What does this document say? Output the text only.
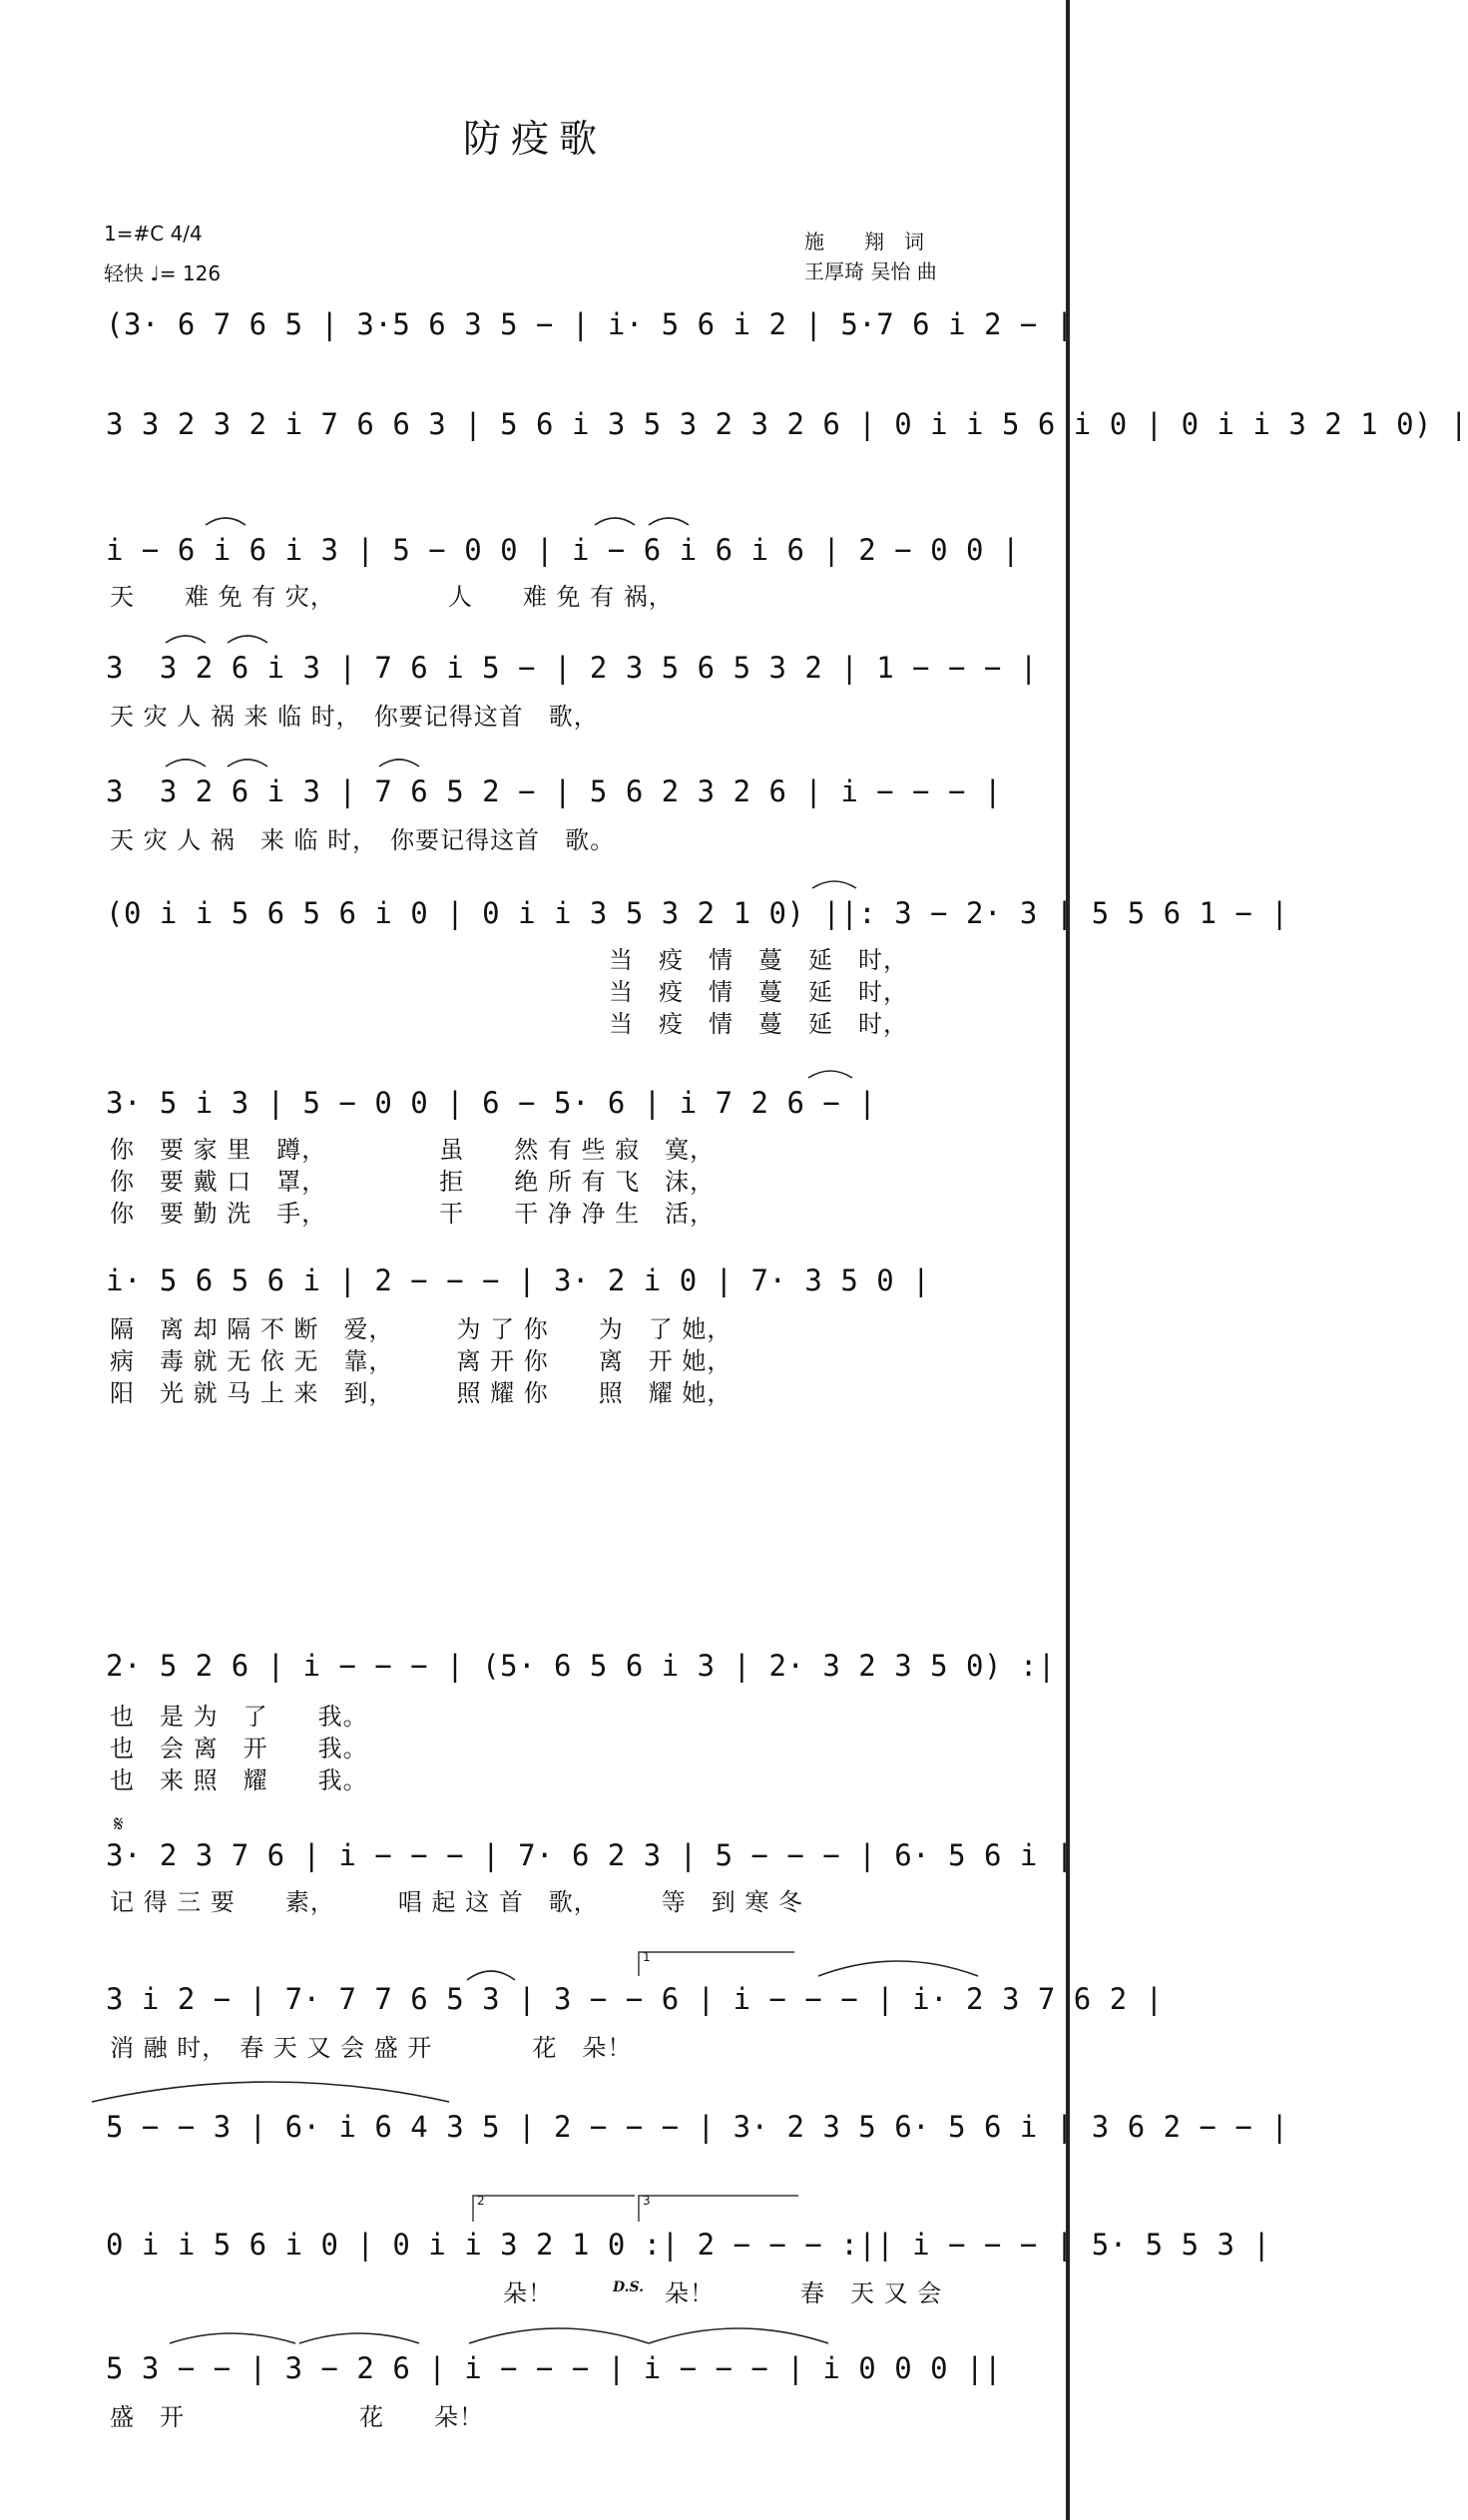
防疫歌
1=#C 4/4
轻快 ♩= 126
施　　翔　词
王厚琦 吴怡 曲
(3· 6 7 6 5 | 3·5 6 3 5 − | i· 5 6 i 2 | 5·7 6 i 2 − |
3 3 2 3 2 i 7 6 6 3 | 5 6 i 3 5 3 2 3 2 6 | 0 i i 5 6 i 0 | 0 i i 3 2 1 0) |
i − 6 i 6 i 3 | 5 − 0 0 | i − 6 i 6 i 6 | 2 − 0 0 |
天　　难 免 有 灾，　　　　　人　　难 免 有 祸，
3  3 2 6 i 3 | 7 6 i 5 − | 2 3 5 6 5 3 2 | 1 − − − |
天 灾 人 祸 来 临 时，　你要记得这首　歌，
3  3 2 6 i 3 | 7 6 5 2 − | 5 6 2 3 2 6 | i − − − |
天 灾 人 祸　来 临 时，　你要记得这首　歌。
(0 i i 5 6 5 6 i 0 | 0 i i 3 5 3 2 1 0) ||: 3 − 2· 3 | 5 5 6 1 − |
当　疫　情　蔓　延　时，
当　疫　情　蔓　延　时，
当　疫　情　蔓　延　时，
3· 5 i 3 | 5 − 0 0 | 6 − 5· 6 | i 7 2 6 − |
你　要 家 里　蹲，　　　　　虽　　然 有 些 寂　寞，
你　要 戴 口　罩，　　　　　拒　　绝 所 有 飞　沫，
你　要 勤 洗　手，　　　　　干　　干 净 净 生　活，
i· 5 6 5 6 i | 2 − − − | 3· 2 i 0 | 7· 3 5 0 |
隔　离 却 隔 不 断　爱，　　　为 了 你　　为　了 她，
病　毒 就 无 依 无　靠，　　　离 开 你　　离　开 她，
阳　光 就 马 上 来　到，　　　照 耀 你　　照　耀 她，
2· 5 2 6 | i − − − | (5· 6 5 6 i 3 | 2· 3 2 3 5 0) :|
也　是 为　了　　我。
也　会 离　开　　我。
也　来 照　耀　　我。
𝄋
3· 2 3 7 6 | i − − − | 7· 6 2 3 | 5 − − − | 6· 5 6 i |
记 得 三 要　　素，　　　唱 起 这 首　歌，　　　等　到 寒 冬
3 i 2 − | 7· 7 7 6 5 3 | 3 − − 6 | i − − − | i· 2 3 7 6 2 |
消 融 时，　春 天 又 会 盛 开　　　　花　朵！
5 − − 3 | 6· i 6 4 3 5 | 2 − − − | 3· 2 3 5 6· 5 6 i | 3 6 2 − − |
0 i i 5 6 i 0 | 0 i i 3 2 1 0 :| 2 − − − :|| i − − − | 5· 5 5 3 |
朵！	D.S. 朵！	春　天 又 会
5 3 − − | 3 − 2 6 | i − − − | i − − − | i 0 0 0 ||
盛　开　　　　　　　花　　朵！
1
2	3
